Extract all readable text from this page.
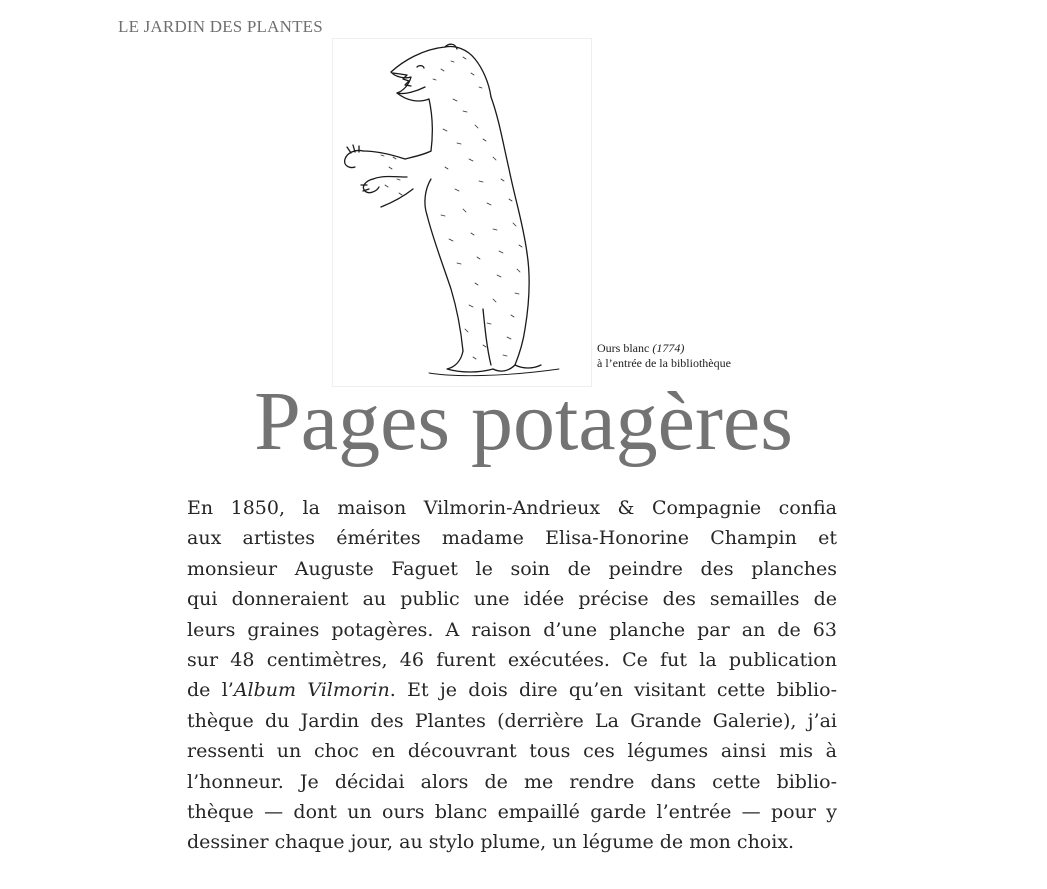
LE JARDIN DES PLANTES
Ours blanc (1774)
à l’entrée de la bibliothèque
Pages potagères
En 1850, la maison Vilmorin-Andrieux & Compagnie confia
aux artistes émérites madame Elisa-Honorine Champin et
monsieur Auguste Faguet le soin de peindre des planches
qui donneraient au public une idée précise des semailles de
leurs graines potagères. A raison d’une planche par an de 63
sur 48 centimètres, 46 furent exécutées. Ce fut la publication
de l’Album Vilmorin. Et je dois dire qu’en visitant cette biblio-
thèque du Jardin des Plantes (derrière La Grande Galerie), j’ai
ressenti un choc en découvrant tous ces légumes ainsi mis à
l’honneur. Je décidai alors de me rendre dans cette biblio-
thèque — dont un ours blanc empaillé garde l’entrée — pour y
dessiner chaque jour, au stylo plume, un légume de mon choix.
